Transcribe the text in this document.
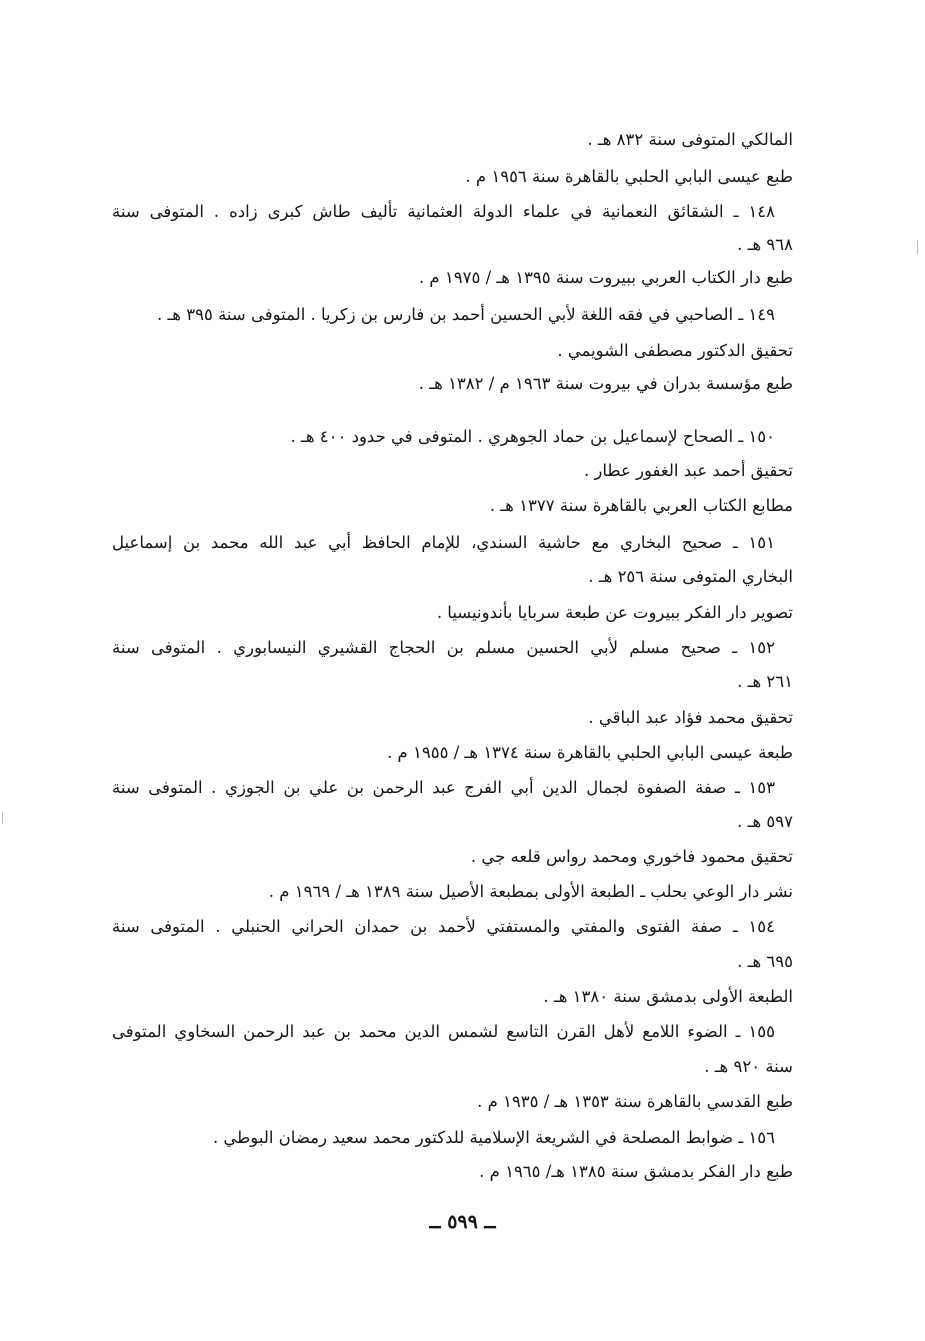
المالكي المتوفى سنة ٨٣٢ هـ .
طبع عيسى البابي الحلبي بالقاهرة سنة ١٩٥٦ م .
١٤٨ ـ الشقائق النعمانية في علماء الدولة العثمانية تأليف طاش كبرى زاده . المتوفى سنة
٩٦٨ هـ .
طبع دار الكتاب العربي ببيروت سنة ١٣٩٥ هـ / ١٩٧٥ م .
١٤٩ ـ الصاحبي في فقه اللغة لأبي الحسين أحمد بن فارس بن زكريا . المتوفى سنة ٣٩٥ هـ .
تحقيق الدكتور مصطفى الشويمي .
طبع مؤسسة بدران في بيروت سنة ١٩٦٣ م / ١٣٨٢ هـ .
١٥٠ ـ الصحاح لإسماعيل بن حماد الجوهري . المتوفى في حدود ٤٠٠ هـ .
تحقيق أحمد عبد الغفور عطار .
مطابع الكتاب العربي بالقاهرة سنة ١٣٧٧ هـ .
١٥١ ـ صحيح البخاري مع حاشية السندي، للإمام الحافظ أبي عبد الله محمد بن إسماعيل
البخاري المتوفى سنة ٢٥٦ هـ .
تصوير دار الفكر ببيروت عن طبعة سربايا بأندونيسيا .
١٥٢ ـ صحيح مسلم لأبي الحسين مسلم بن الحجاج القشيري النيسابوري . المتوفى سنة
٢٦١ هـ .
تحقيق محمد فؤاد عبد الباقي .
طبعة عيسى البابي الحلبي بالقاهرة سنة ١٣٧٤ هـ / ١٩٥٥ م .
١٥٣ ـ صفة الصفوة لجمال الدين أبي الفرج عبد الرحمن بن علي بن الجوزي . المتوفى سنة
٥٩٧ هـ .
تحقيق محمود فاخوري ومحمد رواس قلعه جي .
نشر دار الوعي بحلب ـ الطبعة الأولى بمطبعة الأصيل سنة ١٣٨٩ هـ / ١٩٦٩ م .
١٥٤ ـ صفة الفتوى والمفتي والمستفتي لأحمد بن حمدان الحراني الحنبلي . المتوفى سنة
٦٩٥ هـ .
الطبعة الأولى بدمشق سنة ١٣٨٠ هـ .
١٥٥ ـ الضوء اللامع لأهل القرن التاسع لشمس الدين محمد بن عبد الرحمن السخاوي المتوفى
سنة ٩٢٠ هـ .
طبع القدسي بالقاهرة سنة ١٣٥٣ هـ / ١٩٣٥ م .
١٥٦ ـ ضوابط المصلحة في الشريعة الإسلامية للدكتور محمد سعيد رمضان البوطي .
طبع دار الفكر بدمشق سنة ١٣٨٥ هـ/ ١٩٦٥ م .
ــ ٥٩٩ ــ
